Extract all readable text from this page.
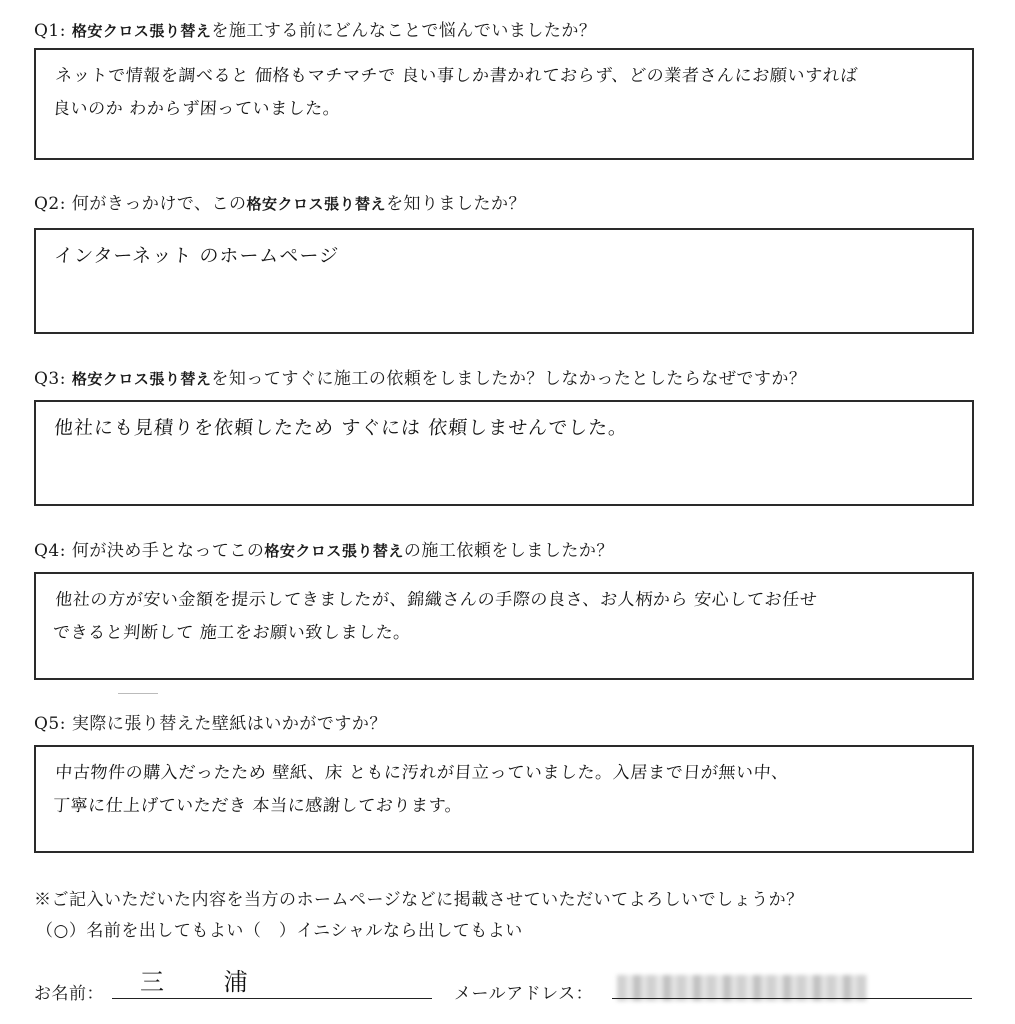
Q1: 格安クロス張り替えを施工する前にどんなことで悩んでいましたか？
ネットで情報を調べると 価格もマチマチで 良い事しか書かれておらず、どの業者さんにお願いすれば
良いのか わからず困っていました。
Q2: 何がきっかけで、この格安クロス張り替えを知りましたか？
インターネット のホームページ
Q3: 格安クロス張り替えを知ってすぐに施工の依頼をしましたか？しなかったとしたらなぜですか？
他社にも見積りを依頼したため すぐには 依頼しませんでした。
Q4: 何が決め手となってこの格安クロス張り替えの施工依頼をしましたか？
他社の方が安い金額を提示してきましたが、錦織さんの手際の良さ、お人柄から 安心してお任せ
できると判断して 施工をお願い致しました。
Q5: 実際に張り替えた壁紙はいかがですか？
中古物件の購入だったため 壁紙、床 ともに汚れが目立っていました。入居まで日が無い中、
丁寧に仕上げていただき 本当に感謝しております。
※ご記入いただいた内容を当方のホームページなどに掲載させていただいてよろしいでしょうか？
（○）名前を出してもよい（　）イニシャルなら出してもよい
お名前： 三 浦	メールアドレス：
